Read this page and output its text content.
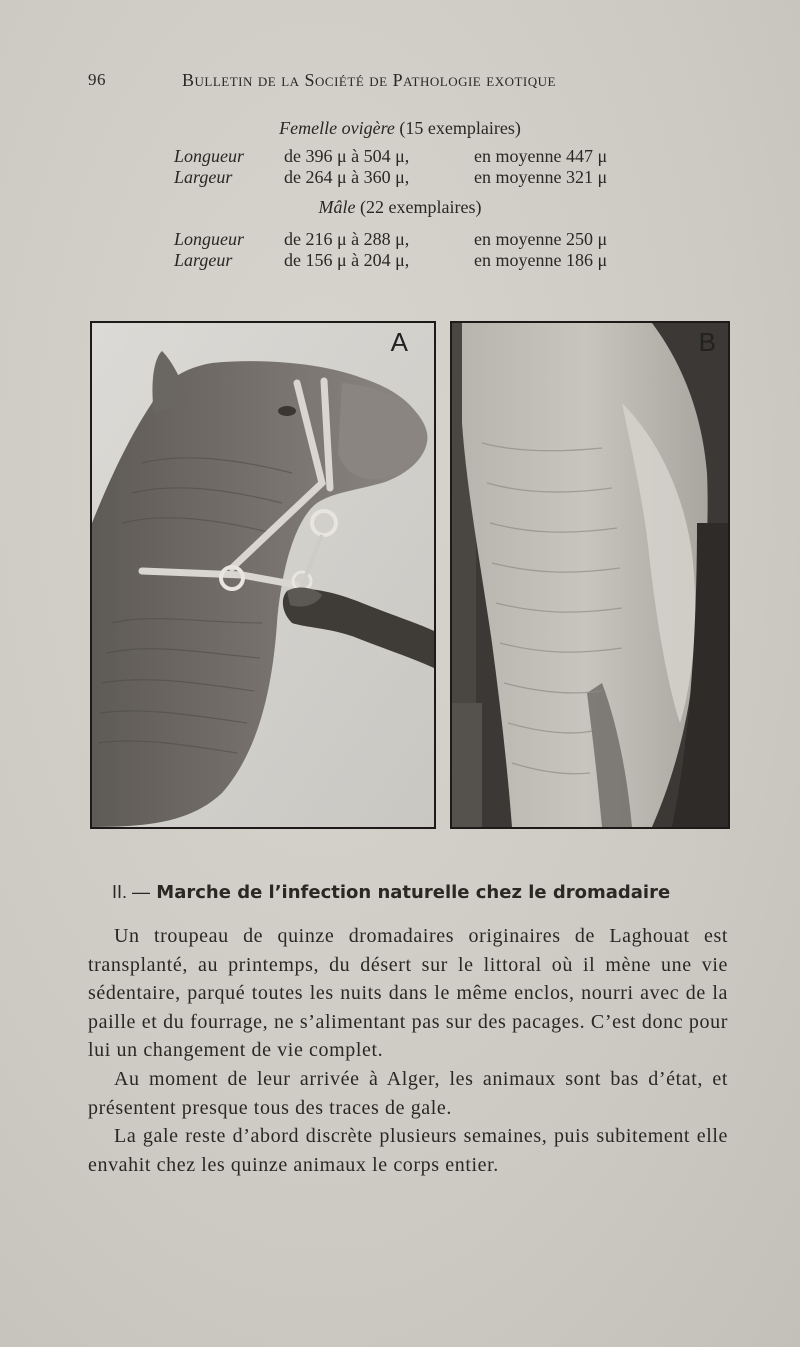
96	Bulletin de la Société de Pathologie exotique
Femelle ovigère (15 exemplaires)
Longueur de 396 μ à 504 μ,	en moyenne 447 μ
Largeur	de 264 μ à 360 μ,	en moyenne 321 μ
Mâle (22 exemplaires)
Longueur de 216 μ à 288 μ,	en moyenne 250 μ
Largeur	de 156 μ à 204 μ,	en moyenne 186 μ
A	B
II. — Marche de l’infection naturelle chez le dromadaire

Un troupeau de quinze dromadaires originaires de Laghouat est transplanté, au printemps, du désert sur le littoral où il mène une vie sédentaire, parqué toutes les nuits dans le même enclos, nourri avec de la paille et du fourrage, ne s’alimentant pas sur des pacages. C’est donc pour lui un changement de vie complet.

Au moment de leur arrivée à Alger, les animaux sont bas d’état, et présentent presque tous des traces de gale.

La gale reste d’abord discrète plusieurs semaines, puis subitement elle envahit chez les quinze animaux le corps entier.
